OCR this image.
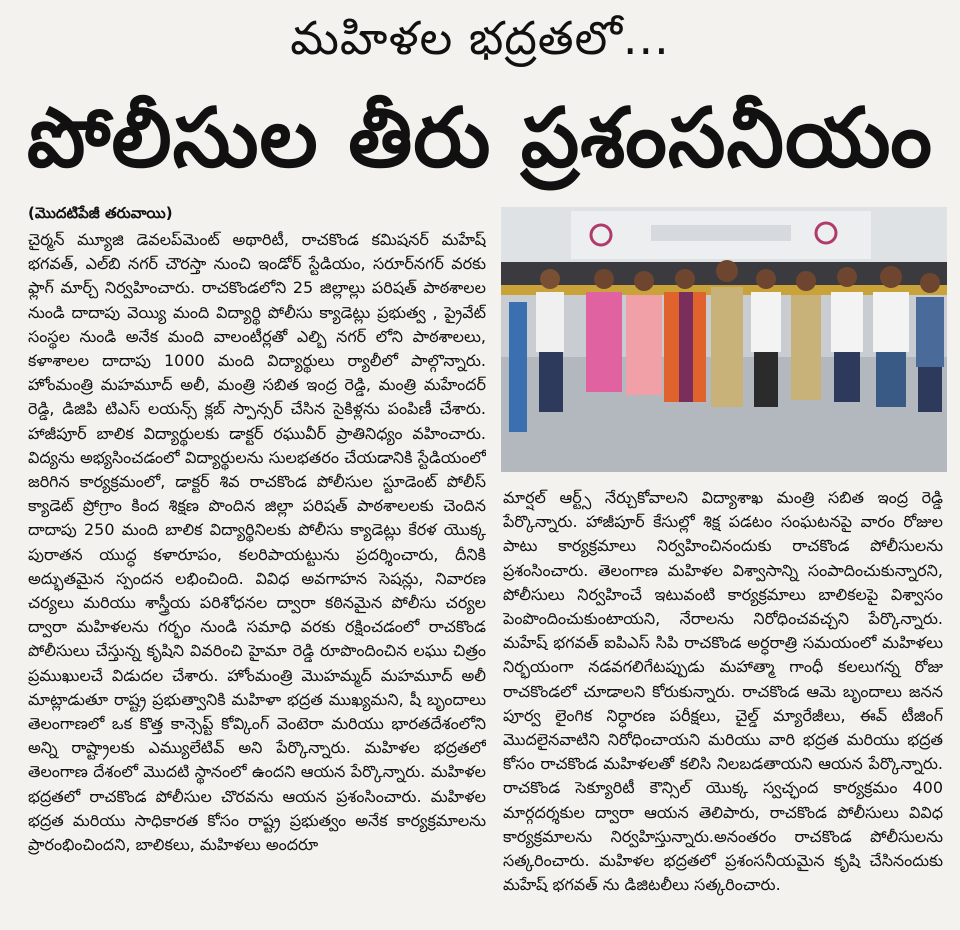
మహిళల భద్రతలో...
పోలీసుల తీరు ప్రశంసనీయం
(మొదటిపేజీ తరువాయి)

చైర్మన్ మ్యూజి డెవలప్‌మెంట్ అథారిటీ, రాచకొండ కమిషనర్ మహేష్ భగవత్, ఎల్‌బి నగర్ చౌరస్తా నుంచి ఇండోర్ స్టేడియం, సరూర్‌నగర్ వరకు ఫ్లాగ్ మార్చ్ నిర్వహించారు. రాచకొండలోని 25 జిల్లాల్లు పరిషత్ పాఠశాలల నుండి దాదాపు వెయ్యి మంది విద్యార్థి పోలీసు క్యాడెట్లు ప్రభుత్వ , ప్రైవేట్ సంస్థల నుండి అనేక మంది వాలంటీర్లతో ఎల్బి నగర్ లోని పాఠశాలలు, కళాశాలల దాదాపు 1000 మంది విద్యార్థులు ర్యాలీలో పాల్గొన్నారు. హోంమంత్రి మహమూద్ అలీ, మంత్రి సబిత ఇంద్ర రెడ్డి, మంత్రి మహేందర్ రెడ్డి, డిజిపి టిఎస్ లయన్స్ క్లబ్ స్పాన్సర్ చేసిన సైకిళ్లను పంపిణీ చేశారు. హాజీపూర్ బాలిక విద్యార్థులకు డాక్టర్ రఘువీర్ ప్రాతినిధ్యం వహించారు. విద్యను అభ్యసించడంలో విద్యార్థులను సులభతరం చేయడానికి స్టేడియంలో జరిగిన కార్యక్రమంలో, డాక్టర్ శివ రాచకొండ పోలీసుల స్టూడెంట్ పోలీస్ క్యాడెట్ ప్రోగ్రాం కింద శిక్షణ పొందిన జిల్లా పరిషత్ పాఠశాలలకు చెందిన దాదాపు 250 మంది బాలిక విద్యార్థినిలకు పోలీసు క్యాడెట్లు కేరళ యొక్క పురాతన యుద్ధ కళారూపం, కలరిపాయట్టును ప్రదర్శించారు, దీనికి అద్భుతమైన స్పందన లభించింది. వివిధ అవగాహన సెషన్లు, నివారణ చర్యలు మరియు శాస్త్రీయ పరిశోధనల ద్వారా కఠినమైన పోలీసు చర్యల ద్వారా మహిళలను గర్భం నుండి సమాధి వరకు రక్షించడంలో రాచకొండ పోలీసులు చేస్తున్న కృషిని వివరించి హైమా రెడ్డి రూపొందించిన లఘు చిత్రం ప్రముఖులచే విడుదల చేశారు. హోంమంత్రి మొహమ్మద్ మహమూద్ అలీ మాట్లాడుతూ రాష్ట్ర ప్రభుత్వానికి మహిళా భద్రత ముఖ్యమని, షీ బృందాలు తెలంగాణలో ఒక కొత్త కాన్సెప్ట్ కోవ్కింగ్ వెంటెరా మరియు భారతదేశంలోని అన్ని రాష్ట్రాలకు ఎమ్యులేటివ్ అని పేర్కొన్నారు. మహిళల భద్రతలో తెలంగాణ దేశంలో మొదటి స్థానంలో ఉందని ఆయన పేర్కొన్నారు. మహిళల భద్రతలో రాచకొండ పోలీసుల చొరవను ఆయన ప్రశంసించారు. మహిళల భద్రత మరియు సాధికారత కోసం రాష్ట్ర ప్రభుత్వం అనేక కార్యక్రమాలను ప్రారంభించిందని, బాలికలు, మహిళలు అందరూ

మార్షల్ ఆర్ట్స్ నేర్చుకోవాలని విద్యాశాఖ మంత్రి సబిత ఇంద్ర రెడ్డి పేర్కొన్నారు. హాజీపూర్ కేసుల్లో శిక్ష పడటం సంఘటనపై వారం రోజుల పాటు కార్యక్రమాలు నిర్వహించినందుకు రాచకొండ పోలీసులను ప్రశంసించారు. తెలంగాణ మహిళల విశ్వాసాన్ని సంపాదించుకున్నారని, పోలీసులు నిర్వహించే ఇటువంటి కార్యక్రమాలు బాలికలపై విశ్వాసం పెంపొందించుకుంటాయని, నేరాలను నిరోధించవచ్చని పేర్కొన్నారు. మహేష్ భగవత్ ఐపిఎస్ సిపి రాచకొండ అర్ధరాత్రి సమయంలో మహిళలు నిర్భయంగా నడవగలిగేటప్పుడు మహాత్మా గాంధీ కలలుగన్న రోజు రాచకొండలో చూడాలని కోరుకున్నారు. రాచకొండ ఆమె బృందాలు జనన పూర్వ లైంగిక నిర్ధారణ పరీక్షలు, చైల్డ్ మ్యారేజీలు, ఈవ్ టీజింగ్ మొదలైనవాటిని నిరోధించాయని మరియు వారి భద్రత మరియు భద్రత కోసం రాచకొండ మహిళలతో కలిసి నిలబడతాయని ఆయన పేర్కొన్నారు. రాచకొండ సెక్యూరిటీ కౌన్సిల్ యొక్క స్వచ్ఛంద కార్యక్రమం 400 మార్గదర్శకుల ద్వారా ఆయన తెలిపారు, రాచకొండ పోలీసులు వివిధ కార్యక్రమాలను నిర్వహిస్తున్నారు.అనంతరం రాచకొండ పోలీసులను సత్కరించారు. మహిళల భద్రతలో ప్రశంసనీయమైన కృషి చేసినందుకు మహేష్ భగవత్ ను డిజిటలీలు సత్కరించారు.
